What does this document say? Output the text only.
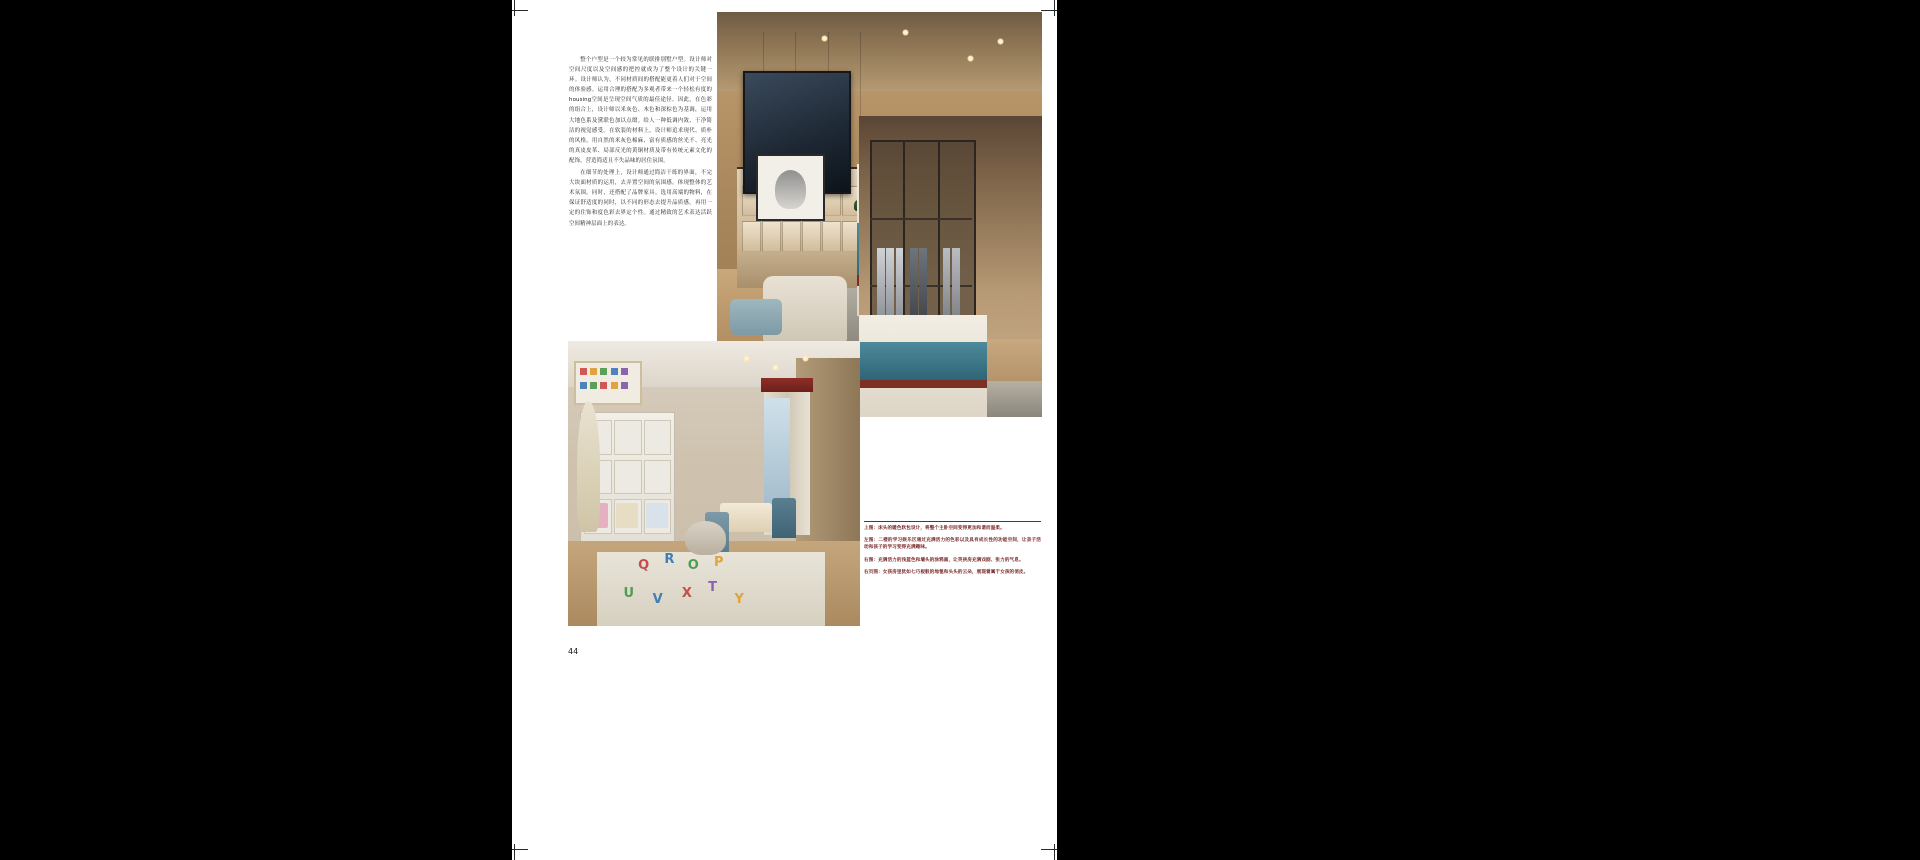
整个户型是一个较为常见的联排别墅户型。设计师对空间尺度以及空间感的把控就成为了整个设计的关键一环。设计师认为，不同材质间的搭配能更着人们对于空间的体验感。运用合理的搭配为多观者带来一个轻松有度的housing空间是呈现空间气质的最佳途径。因此，在色彩的组合上，设计师以米灰色、木色和深棕色为基调，运用大地色系及黛联色加以点缀。给人一种低调内敛、干净简洁的视觉感受。在软装的材料上，设计师追求现代、质朴的风格，用自然的米灰色棉麻、富有质感的丝光不、亮光的真皮皮革、局部反光的黄铜材质及带有传统元素文化的配饰，营造简适且不失品味的居住氛围。

在细节的处理上，设计师通过简洁干练的界面，不完大块面材质的运用，去弄置空间的氛围感。体现整体的艺术氛围。同时，还搭配了品牌家具。选用高端的物料，在保证舒适度的同时，以不同的形态去提升品质感。再用一定的住饰和度色彩去界定个性。通过精致的艺术表达活跃空间精神层面上的表达。

Q R O P
U V X T
Y
上图：床头的暖色软包设计，将整个主卧空间变得更加和谐而温柔。
左图：二楼的学习娱乐区通过充满活力的色彩以及具有成长性的功能空间，让亲子活动和孩子的学习变得充满趣味。
右图：充满活力的浅蓝色和墙头的涂鸦画，让英侠房充满戏剧、张力的气息。
右页图：女孩房里犹如七巧板般的地毯和头头的云朵，展现着属于女孩的俏皮。
44
